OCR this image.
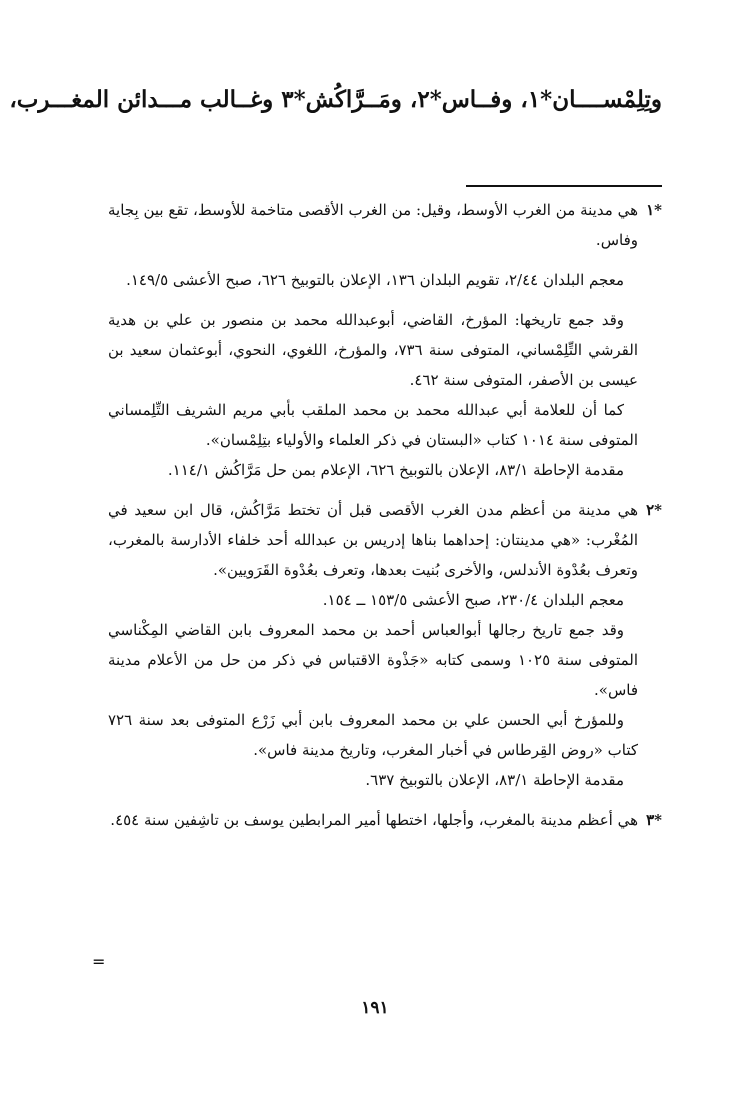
وتِلِمْســــان*١، وفــاس*٢، ومَــرَّاكُش*٣ وغــالب مـــدائن المغـــرب،
*١

هي مدينة من الغرب الأوسط، وقيل: من الغرب الأقصى متاخمة للأوسط، تقع بين بِجاية وفاس.

معجم البلدان ٢/٤٤، تقويم البلدان ١٣٦، الإعلان بالتوبيخ ٦٢٦، صبح الأعشى ١٤٩/٥.

وقد جمع تاريخها: المؤرخ، القاضي، أبوعبدالله محمد بن منصور بن علي بن هدية القرشي التِّلِمْساني، المتوفى سنة ٧٣٦، والمؤرخ، اللغوي، النحوي، أبوعثمان سعيد بن عيسى بن الأصفر، المتوفى سنة ٤٦٢.

كما أن للعلامة أبي عبدالله محمد بن محمد الملقب بأبي مريم الشريف التِّلِمساني المتوفى سنة ١٠١٤ كتاب «البستان في ذكر العلماء والأولياء بتِلِمْسان».

مقدمة الإحاطة ٨٣/١، الإعلان بالتوبيخ ٦٢٦، الإعلام بمن حل مَرَّاكُش ١١٤/١.

*٢

هي مدينة من أعظم مدن الغرب الأقصى قبل أن تختط مَرَّاكُش، قال ابن سعيد في المُغْرب: «هي مدينتان: إحداهما بناها إدريس بن عبدالله أحد خلفاء الأدارسة بالمغرب، وتعرف بعُدْوة الأندلس، والأخرى بُنيت بعدها، وتعرف بعُدْوة القَرَويين».

معجم البلدان ٢٣٠/٤، صبح الأعشى ١٥٣/٥ ــ ١٥٤.

وقد جمع تاريخ رجالها أبوالعباس أحمد بن محمد المعروف بابن القاضي المِكْناسي المتوفى سنة ١٠٢٥ وسمى كتابه «جَذْوة الاقتباس في ذكر من حل من الأعلام مدينة فاس».

وللمؤرخ أبي الحسن علي بن محمد المعروف بابن أبي زَرْع المتوفى بعد سنة ٧٢٦ كتاب «روض القِرطاس في أخبار المغرب، وتاريخ مدينة فاس».

مقدمة الإحاطة ٨٣/١، الإعلان بالتوبيخ ٦٣٧.

*٣

هي أعظم مدينة بالمغرب، وأجلها، اختطها أمير المرابطين يوسف بن تاشِفين سنة ٤٥٤.

=
١٩١
